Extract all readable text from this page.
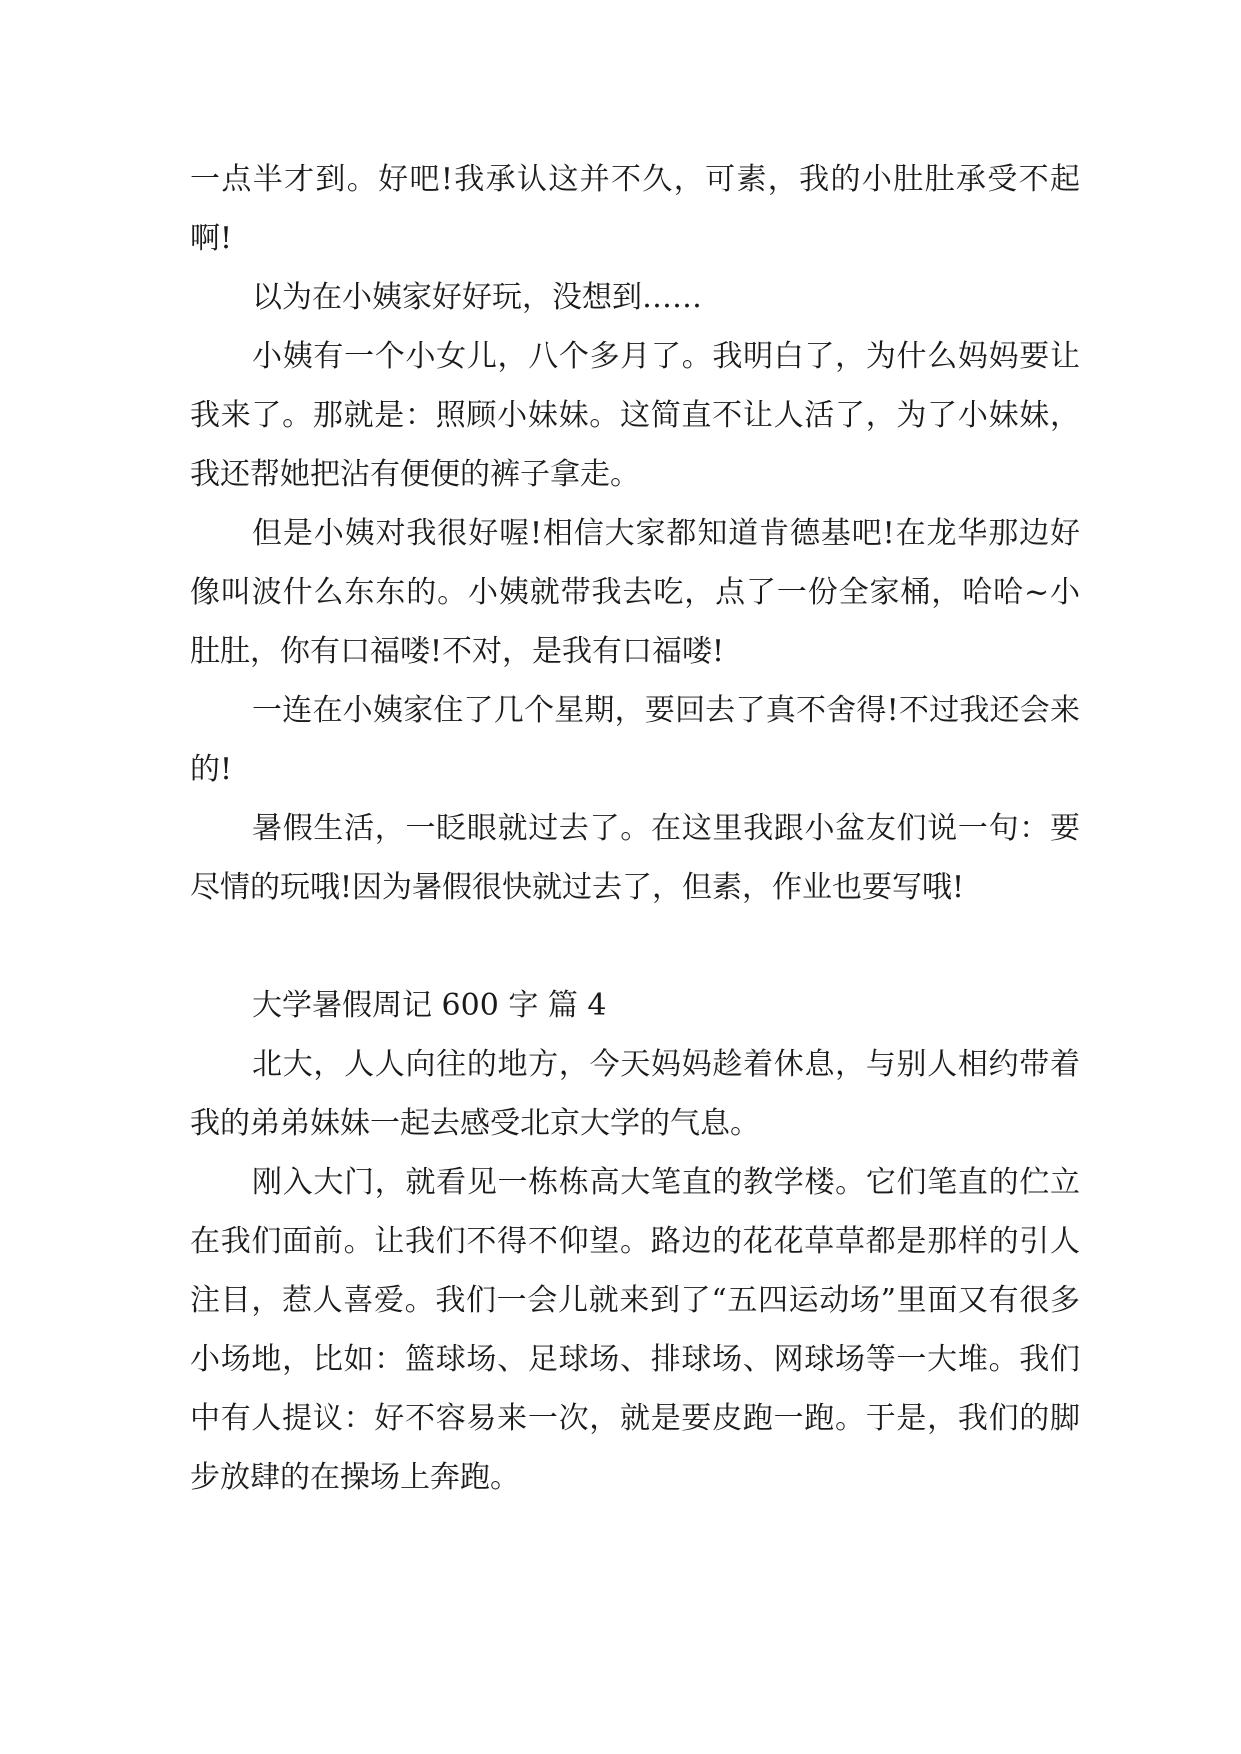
一点半才到。好吧!我承认这并不久，可素，我的小肚肚承受不起啊!

以为在小姨家好好玩，没想到……

小姨有一个小女儿，八个多月了。我明白了，为什么妈妈要让我来了。那就是：照顾小妹妹。这简直不让人活了，为了小妹妹，我还帮她把沾有便便的裤子拿走。

但是小姨对我很好喔!相信大家都知道肯德基吧!在龙华那边好像叫波什么东东的。小姨就带我去吃，点了一份全家桶，哈哈~小肚肚，你有口福喽!不对，是我有口福喽!

一连在小姨家住了几个星期，要回去了真不舍得!不过我还会来的!

暑假生活，一眨眼就过去了。在这里我跟小盆友们说一句：要尽情的玩哦!因为暑假很快就过去了，但素，作业也要写哦!

大学暑假周记 600 字 篇 4

北大，人人向往的地方，今天妈妈趁着休息，与别人相约带着我的弟弟妹妹一起去感受北京大学的气息。

刚入大门，就看见一栋栋高大笔直的教学楼。它们笔直的伫立在我们面前。让我们不得不仰望。路边的花花草草都是那样的引人注目，惹人喜爱。我们一会儿就来到了“五四运动场”里面又有很多小场地，比如：篮球场、足球场、排球场、网球场等一大堆。我们中有人提议：好不容易来一次，就是要皮跑一跑。于是，我们的脚步放肆的在操场上奔跑。
